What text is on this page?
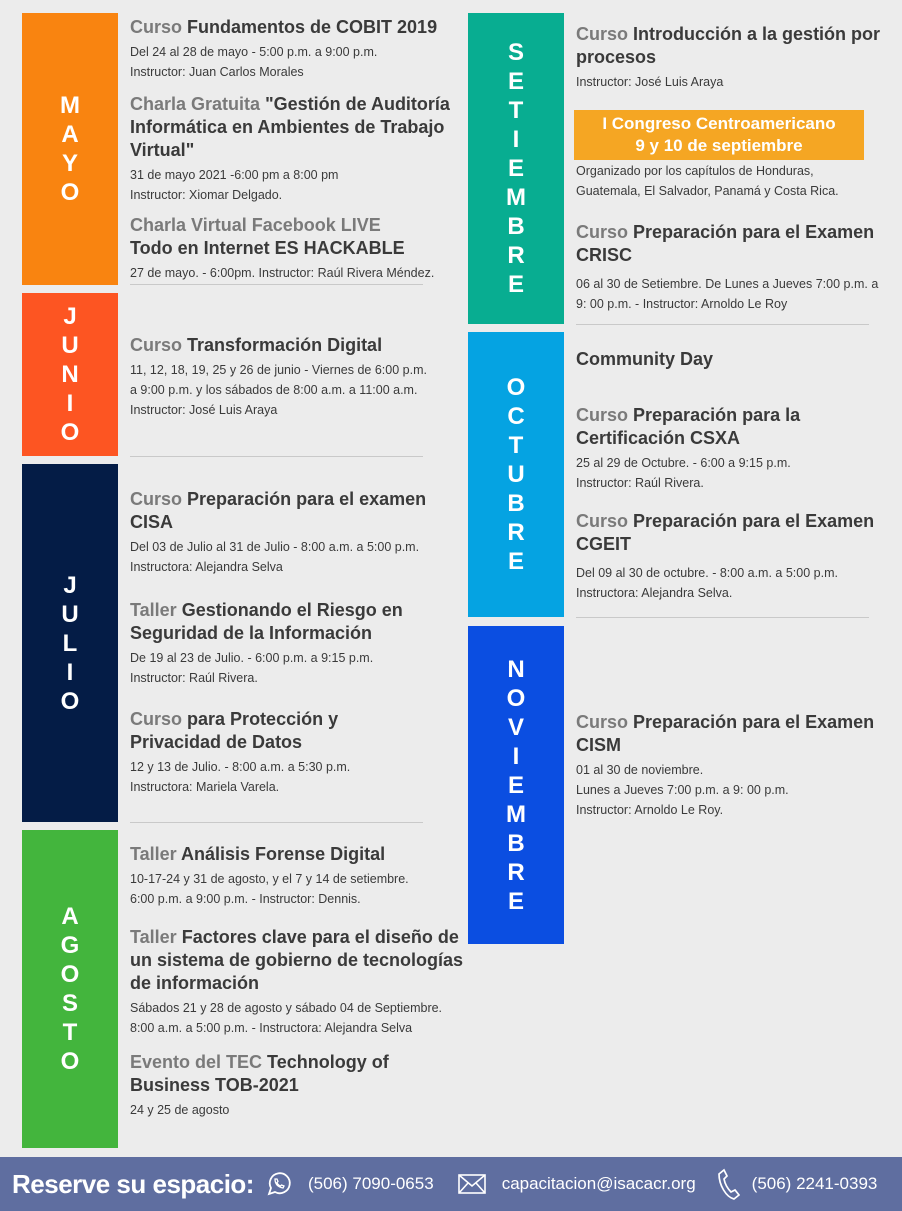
M
A
Y
O
J
U
N
I
O
J
U
L
I
O
A
G
O
S
T
O
S
E
T
I
E
M
B
R
E
O
C
T
U
B
R
E
N
O
V
I
E
M
B
R
E
Curso Fundamentos de COBIT 2019

Del 24 al 28 de mayo - 5:00 p.m. a 9:00 p.m.
Instructor: Juan Carlos Morales

Charla Gratuita "Gestión de Auditoría Informática en Ambientes de Trabajo Virtual"

31 de mayo 2021 -6:00 pm a 8:00 pm
Instructor: Xiomar Delgado.

Charla Virtual Facebook LIVE
Todo en Internet ES HACKABLE

27 de mayo. - 6:00pm. Instructor: Raúl Rivera Méndez.

Curso Transformación Digital

11, 12, 18, 19, 25 y 26 de junio - Viernes de 6:00 p.m.
a 9:00 p.m. y los sábados de 8:00 a.m. a 11:00 a.m.
Instructor: José Luis Araya

Curso Preparación para el examen CISA

Del 03 de Julio al 31 de Julio - 8:00 a.m. a 5:00 p.m.
Instructora: Alejandra Selva

Taller Gestionando el Riesgo en Seguridad de la Información

De 19 al 23 de Julio. - 6:00 p.m. a 9:15 p.m.
Instructor: Raúl Rivera.

Curso para Protección y Privacidad de Datos

12 y 13 de Julio. - 8:00 a.m. a 5:30 p.m.
Instructora: Mariela Varela.

Taller Análisis Forense Digital

10-17-24 y 31 de agosto, y el 7 y 14 de setiembre.
6:00 p.m. a 9:00 p.m. - Instructor: Dennis.

Taller Factores clave para el diseño de un sistema de gobierno de tecnologías de información

Sábados 21 y 28 de agosto y sábado 04 de Septiembre.
8:00 a.m. a 5:00 p.m. - Instructora: Alejandra Selva

Evento del TEC Technology of Business TOB-2021

24 y 25 de agosto

Curso Introducción a la gestión por procesos

Instructor: José Luis Araya

I Congreso Centroamericano
9 y 10 de septiembre

Organizado por los capítulos de Honduras,
Guatemala, El Salvador, Panamá y Costa Rica.

Curso Preparación para el Examen CRISC

06 al 30 de Setiembre. De Lunes a Jueves 7:00 p.m. a
9: 00 p.m. - Instructor: Arnoldo Le Roy

Community Day
Curso Preparación para la Certificación CSXA

25 al 29 de Octubre. - 6:00 a 9:15 p.m.
Instructor: Raúl Rivera.

Curso Preparación para el Examen CGEIT

Del 09 al 30 de octubre. - 8:00 a.m. a 5:00 p.m.
Instructora: Alejandra Selva.

Curso Preparación para el Examen CISM

01 al 30 de noviembre.
Lunes a Jueves 7:00 p.m. a 9: 00 p.m.
Instructor: Arnoldo Le Roy.

Reserve su espacio:	(506) 7090-0653	capacitacion@isacacr.org	(506) 2241-0393
